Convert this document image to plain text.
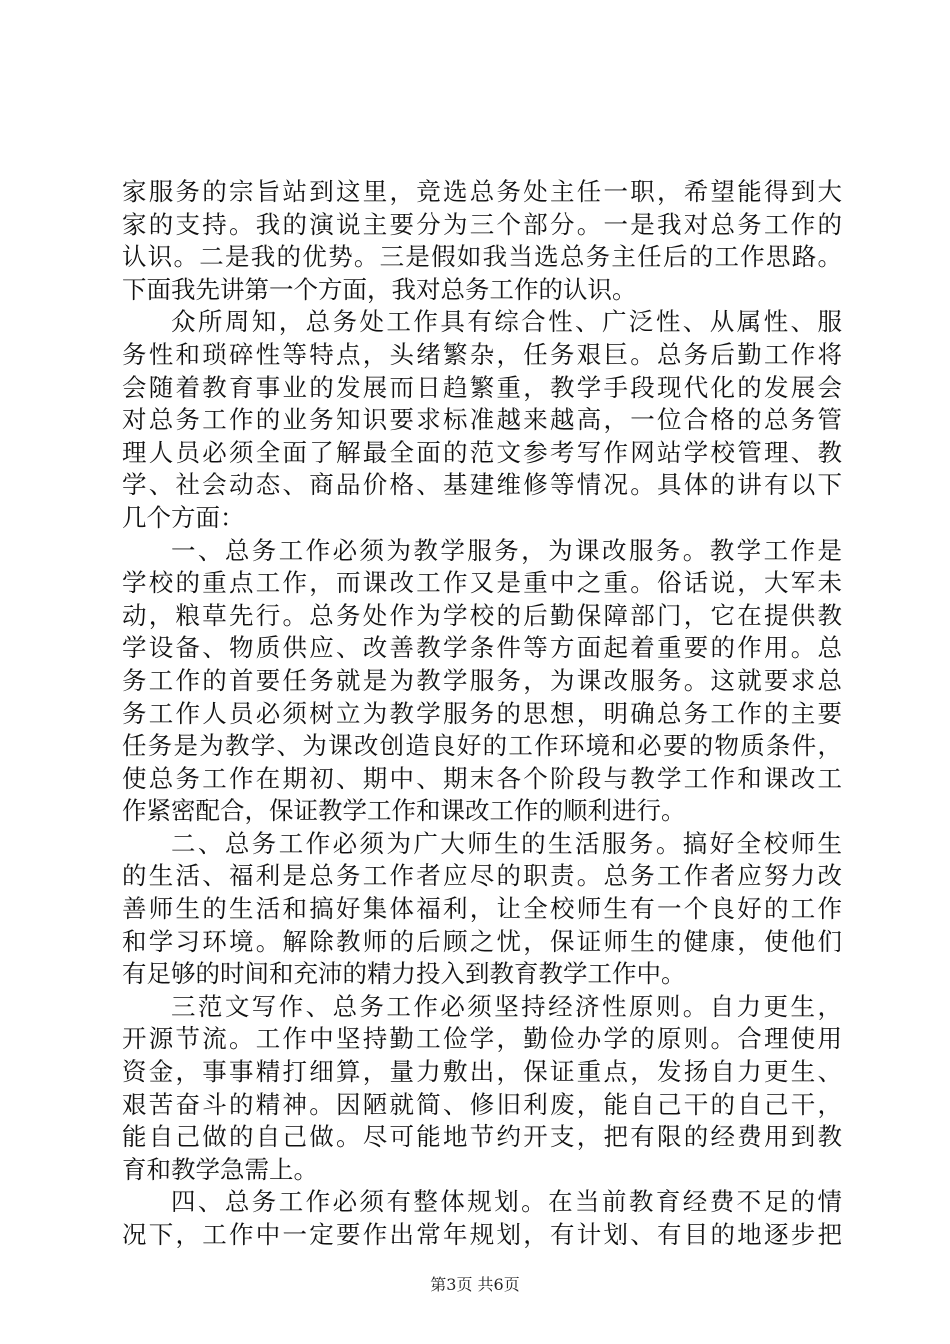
家服务的宗旨站到这里，竞选总务处主任一职，希望能得到大
家的支持。我的演说主要分为三个部分。一是我对总务工作的
认识。二是我的优势。三是假如我当选总务主任后的工作思路。
下面我先讲第一个方面，我对总务工作的认识。
众所周知，总务处工作具有综合性、广泛性、从属性、服
务性和琐碎性等特点，头绪繁杂，任务艰巨。总务后勤工作将
会随着教育事业的发展而日趋繁重，教学手段现代化的发展会
对总务工作的业务知识要求标准越来越高，一位合格的总务管
理人员必须全面了解最全面的范文参考写作网站学校管理、教
学、社会动态、商品价格、基建维修等情况。具体的讲有以下
几个方面：
一、总务工作必须为教学服务，为课改服务。教学工作是
学校的重点工作，而课改工作又是重中之重。俗话说，大军未
动，粮草先行。总务处作为学校的后勤保障部门，它在提供教
学设备、物质供应、改善教学条件等方面起着重要的作用。总
务工作的首要任务就是为教学服务，为课改服务。这就要求总
务工作人员必须树立为教学服务的思想，明确总务工作的主要
任务是为教学、为课改创造良好的工作环境和必要的物质条件，
使总务工作在期初、期中、期末各个阶段与教学工作和课改工
作紧密配合，保证教学工作和课改工作的顺利进行。
二、总务工作必须为广大师生的生活服务。搞好全校师生
的生活、福利是总务工作者应尽的职责。总务工作者应努力改
善师生的生活和搞好集体福利，让全校师生有一个良好的工作
和学习环境。解除教师的后顾之忧，保证师生的健康，使他们
有足够的时间和充沛的精力投入到教育教学工作中。
三范文写作、总务工作必须坚持经济性原则。自力更生，
开源节流。工作中坚持勤工俭学，勤俭办学的原则。合理使用
资金，事事精打细算，量力敷出，保证重点，发扬自力更生、
艰苦奋斗的精神。因陋就简、修旧利废，能自己干的自己干，
能自己做的自己做。尽可能地节约开支，把有限的经费用到教
育和教学急需上。
四、总务工作必须有整体规划。在当前教育经费不足的情
况下，工作中一定要作出常年规划，有计划、有目的地逐步把
第3页 共6页
